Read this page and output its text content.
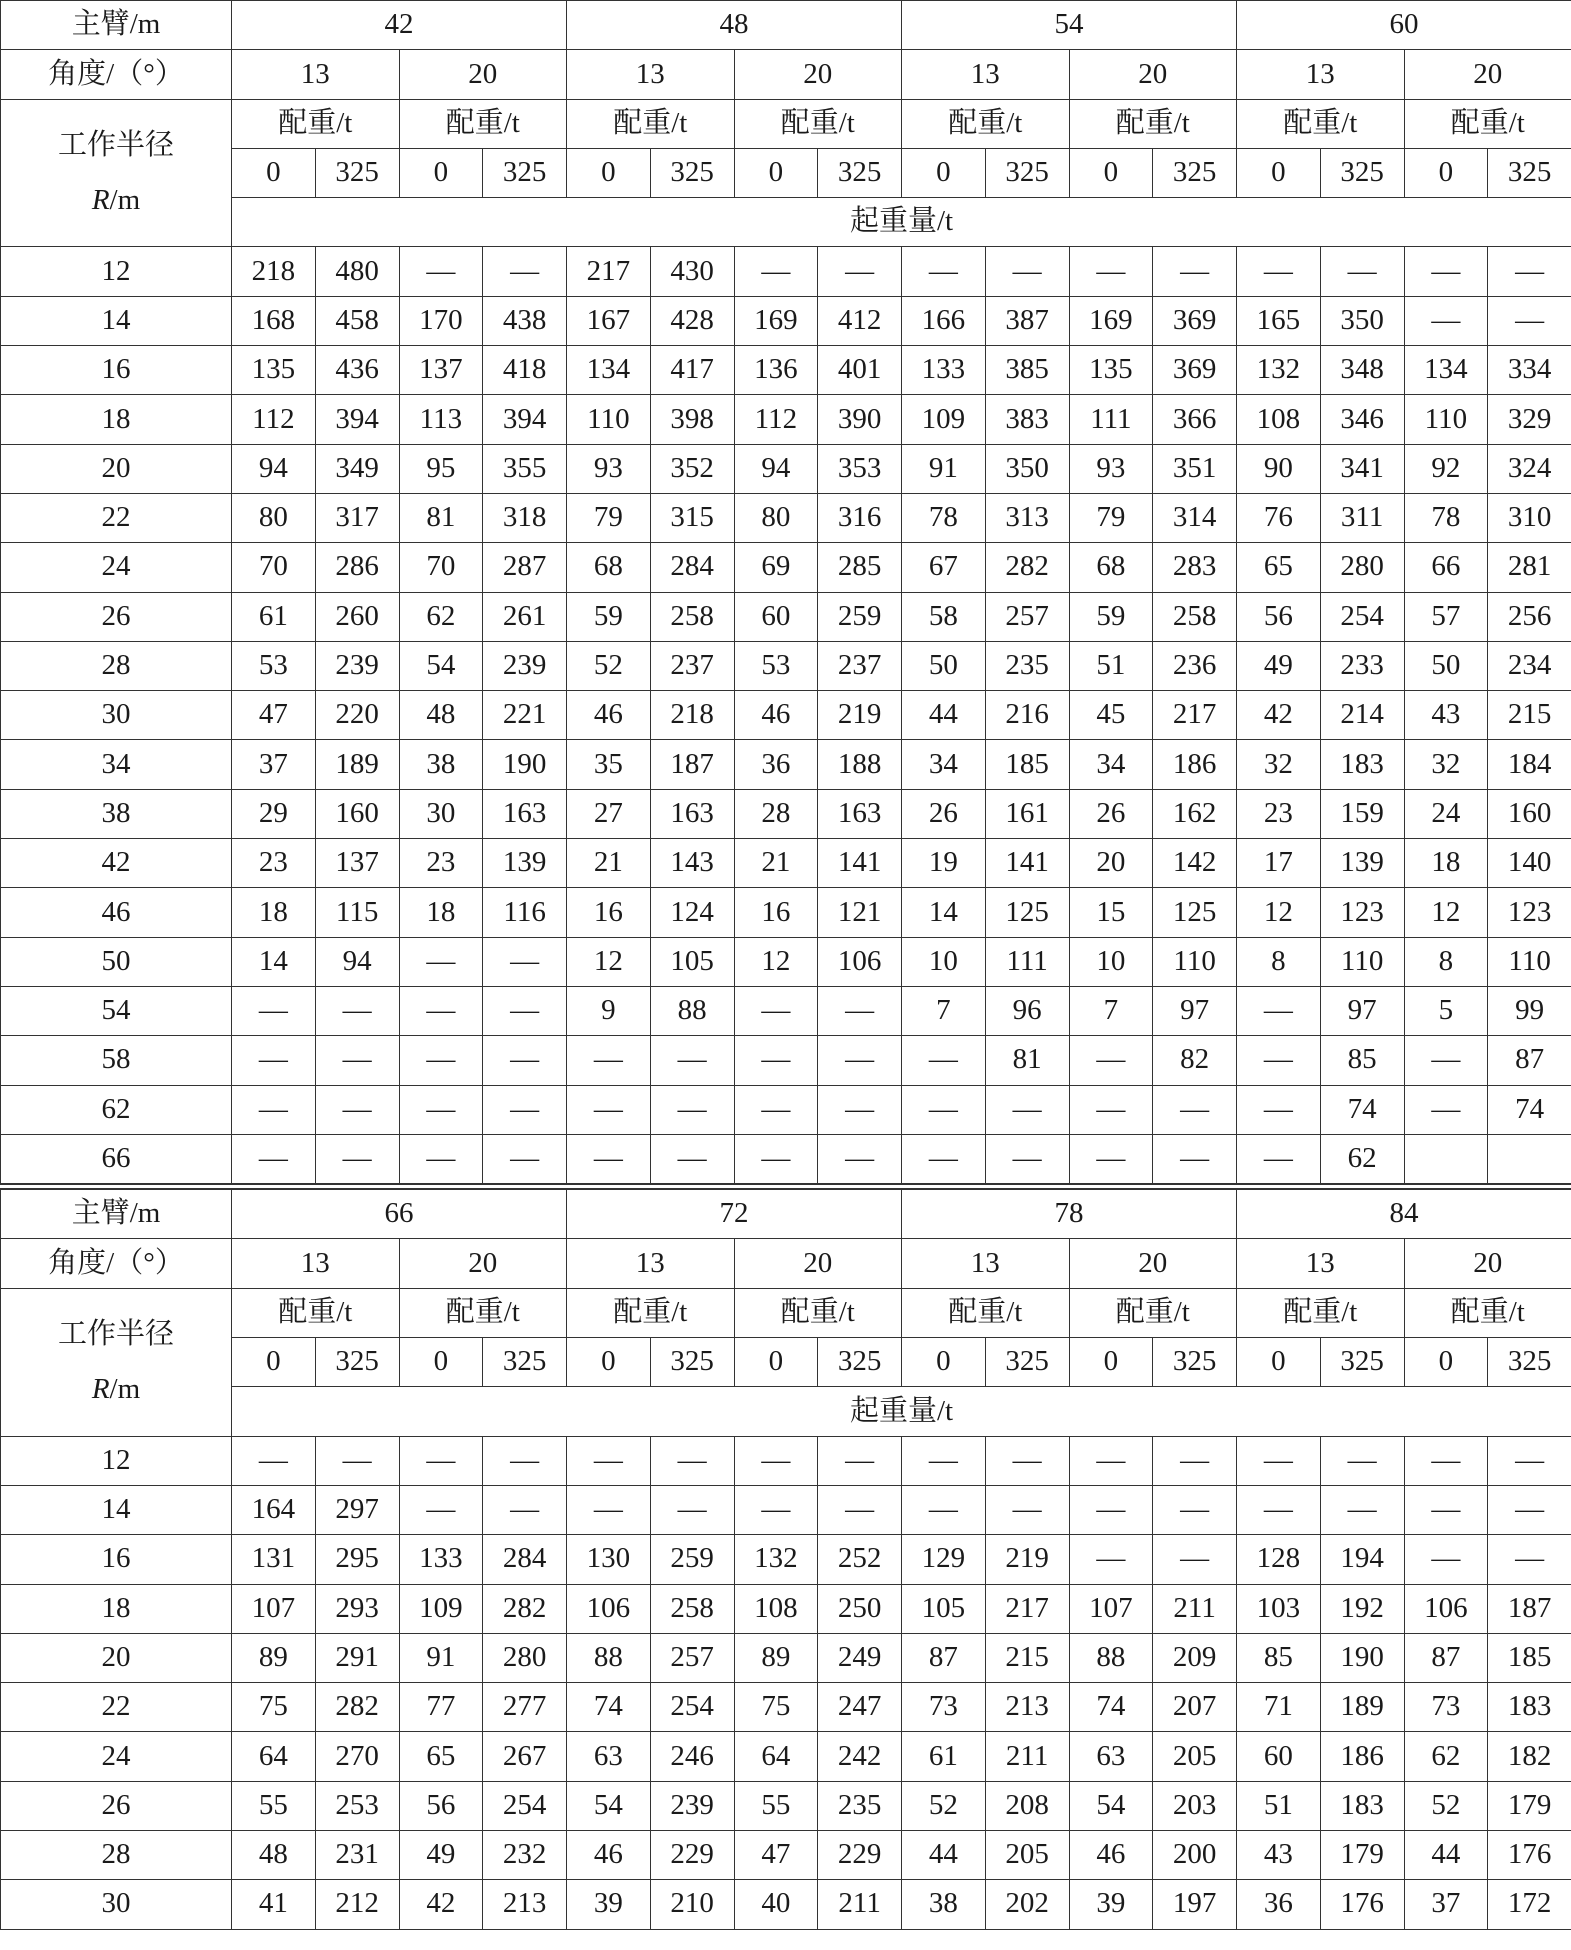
主臂/m	42				48				54				60			
角度/（°）	13		20		13		20		13		20		13		20	
工作半径
R/m	配重/t		配重/t		配重/t		配重/t		配重/t		配重/t		配重/t		配重/t	
	0	325	0	325	0	325	0	325	0	325	0	325	0	325	0	325
	起重量/t															
12	218	480	—	—	217	430	—	—	—	—	—	—	—	—	—	—
14	168	458	170	438	167	428	169	412	166	387	169	369	165	350	—	—
16	135	436	137	418	134	417	136	401	133	385	135	369	132	348	134	334
18	112	394	113	394	110	398	112	390	109	383	111	366	108	346	110	329
20	94	349	95	355	93	352	94	353	91	350	93	351	90	341	92	324
22	80	317	81	318	79	315	80	316	78	313	79	314	76	311	78	310
24	70	286	70	287	68	284	69	285	67	282	68	283	65	280	66	281
26	61	260	62	261	59	258	60	259	58	257	59	258	56	254	57	256
28	53	239	54	239	52	237	53	237	50	235	51	236	49	233	50	234
30	47	220	48	221	46	218	46	219	44	216	45	217	42	214	43	215
34	37	189	38	190	35	187	36	188	34	185	34	186	32	183	32	184
38	29	160	30	163	27	163	28	163	26	161	26	162	23	159	24	160
42	23	137	23	139	21	143	21	141	19	141	20	142	17	139	18	140
46	18	115	18	116	16	124	16	121	14	125	15	125	12	123	12	123
50	14	94	—	—	12	105	12	106	10	111	10	110	8	110	8	110
54	—	—	—	—	9	88	—	—	7	96	7	97	—	97	5	99
58	—	—	—	—	—	—	—	—	—	81	—	82	—	85	—	87
62	—	—	—	—	—	—	—	—	—	—	—	—	—	74	—	74
66	—	—	—	—	—	—	—	—	—	—	—	—	—	62		
主臂/m	66				72				78				84			
角度/（°）	13		20		13		20		13		20		13		20	
工作半径
R/m	配重/t		配重/t		配重/t		配重/t		配重/t		配重/t		配重/t		配重/t	
	0	325	0	325	0	325	0	325	0	325	0	325	0	325	0	325
	起重量/t															
12	—	—	—	—	—	—	—	—	—	—	—	—	—	—	—	—
14	164	297	—	—	—	—	—	—	—	—	—	—	—	—	—	—
16	131	295	133	284	130	259	132	252	129	219	—	—	128	194	—	—
18	107	293	109	282	106	258	108	250	105	217	107	211	103	192	106	187
20	89	291	91	280	88	257	89	249	87	215	88	209	85	190	87	185
22	75	282	77	277	74	254	75	247	73	213	74	207	71	189	73	183
24	64	270	65	267	63	246	64	242	61	211	63	205	60	186	62	182
26	55	253	56	254	54	239	55	235	52	208	54	203	51	183	52	179
28	48	231	49	232	46	229	47	229	44	205	46	200	43	179	44	176
30	41	212	42	213	39	210	40	211	38	202	39	197	36	176	37	172
